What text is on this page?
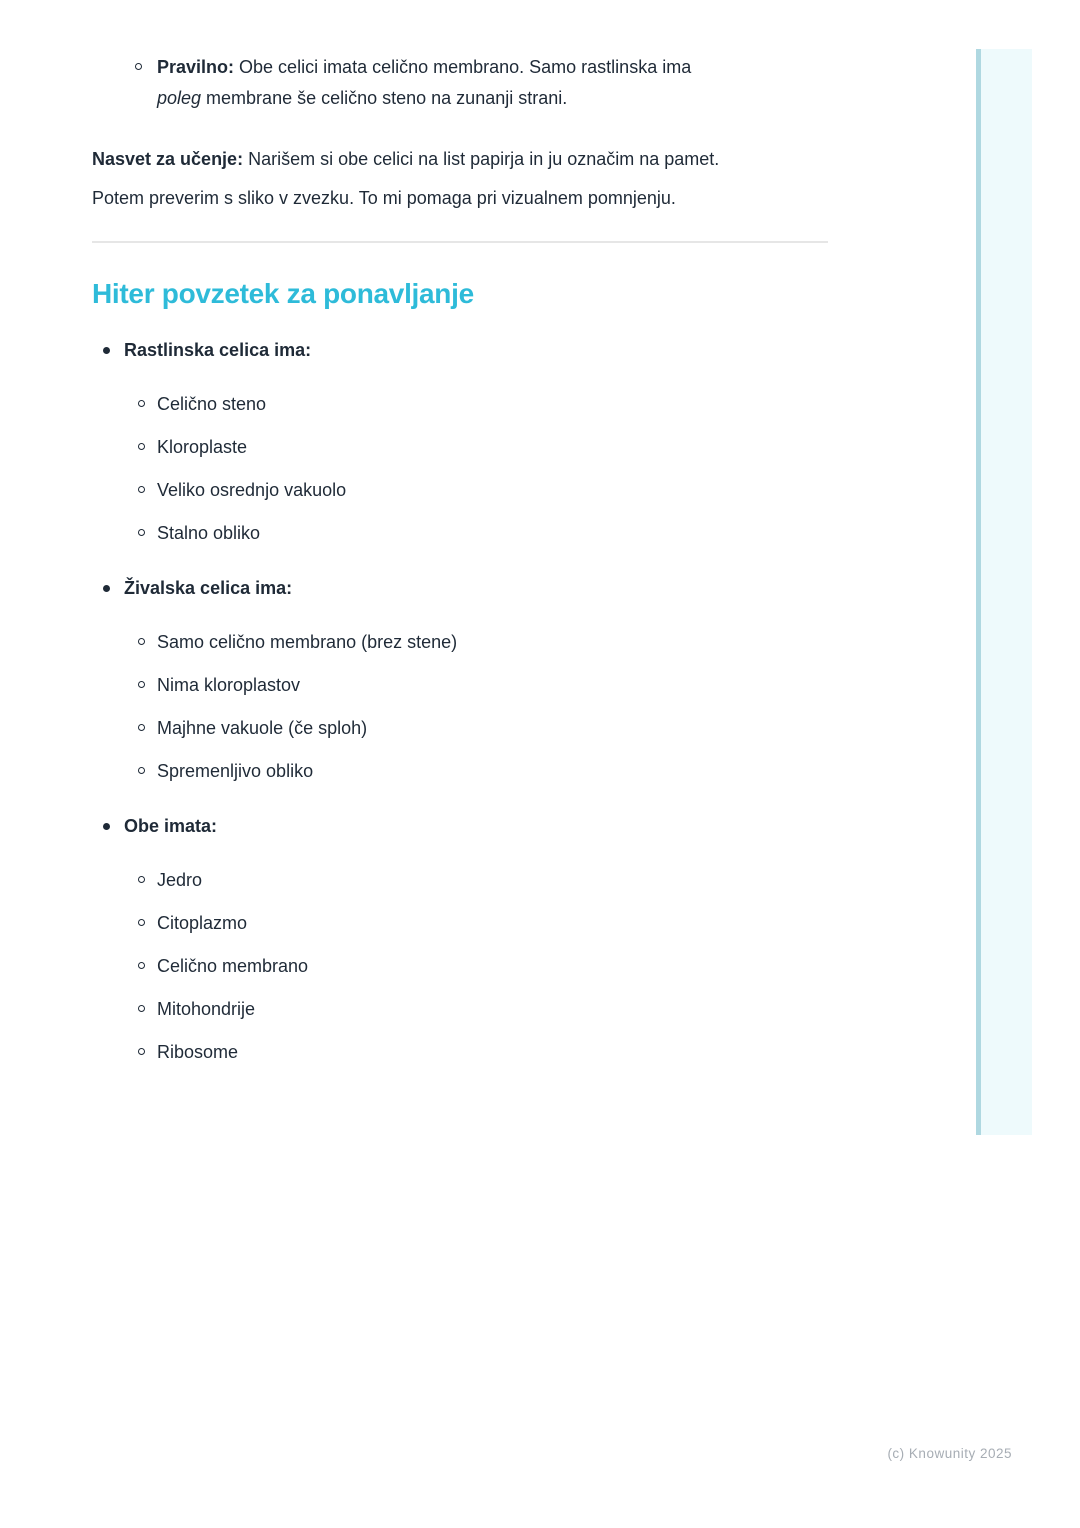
Pravilno: Obe celici imata celično membrano. Samo rastlinska ima
poleg membrane še celično steno na zunanji strani.

Nasvet za učenje: Narišem si obe celici na list papirja in ju označim na pamet.
Potem preverim s sliko v zvezku. To mi pomaga pri vizualnem pomnjenju.

Hiter povzetek za ponavljanje
Rastlinska celica ima:
Celično steno
Kloroplaste
Veliko osrednjo vakuolo
Stalno obliko
Živalska celica ima:
Samo celično membrano (brez stene)
Nima kloroplastov
Majhne vakuole (če sploh)
Spremenljivo obliko
Obe imata:
Jedro
Citoplazmo
Celično membrano
Mitohondrije
Ribosome
(c) Knowunity 2025
